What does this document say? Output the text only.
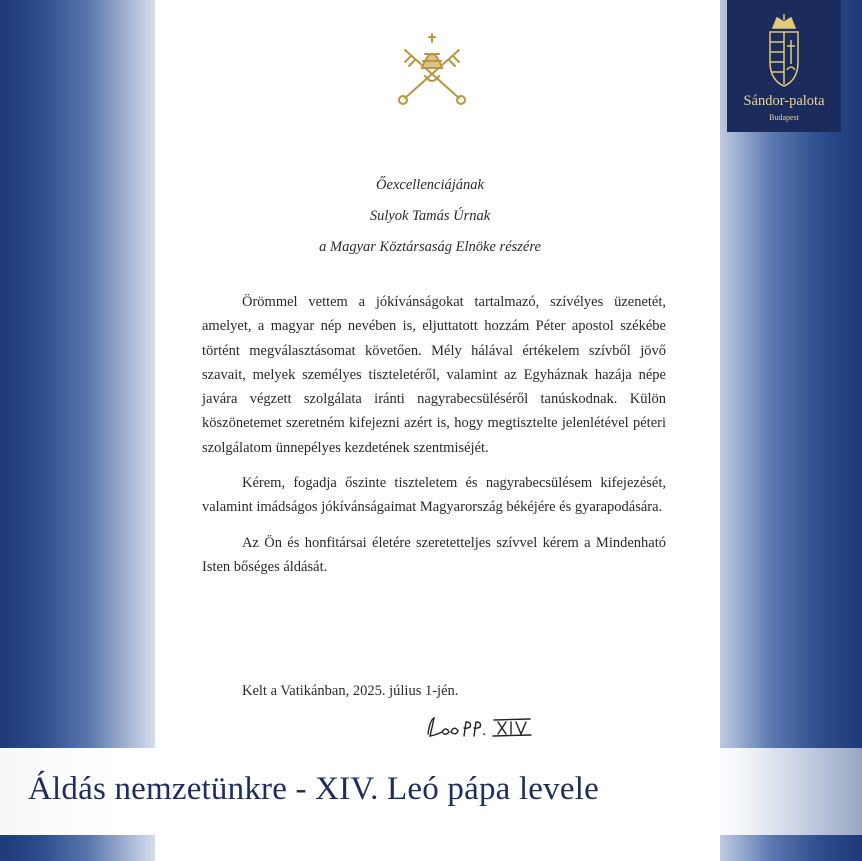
Őexcellenciájának
Sulyok Tamás Úrnak
a Magyar Köztársaság Elnöke részére

Örömmel vettem a jókívánságokat tartalmazó, szívélyes üzenetét, amelyet, a magyar nép nevében is, eljuttatott hozzám Péter apostol székébe történt megválasztásomat követően. Mély hálával értékelem szívből jövő szavait, melyek személyes tiszteletéről, valamint az Egyháznak hazája népe javára végzett szolgálata iránti nagyrabecsüléséről tanúskodnak. Külön köszönetemet szeretném kifejezni azért is, hogy megtisztelte jelenlétével péteri szolgálatom ünnepélyes kezdetének szentmiséjét.

Kérem, fogadja őszinte tiszteletem és nagyrabecsülésem kifejezését, valamint imádságos jókívánságaimat Magyarország békéjére és gyarapodására.

Az Ön és honfitársai életére szeretetteljes szívvel kérem a Mindenható Isten bőséges áldását.

Kelt a Vatikánban, 2025. július 1-jén.
Sándor-palota
Budapest
Áldás nemzetünkre - XIV. Leó pápa levele
